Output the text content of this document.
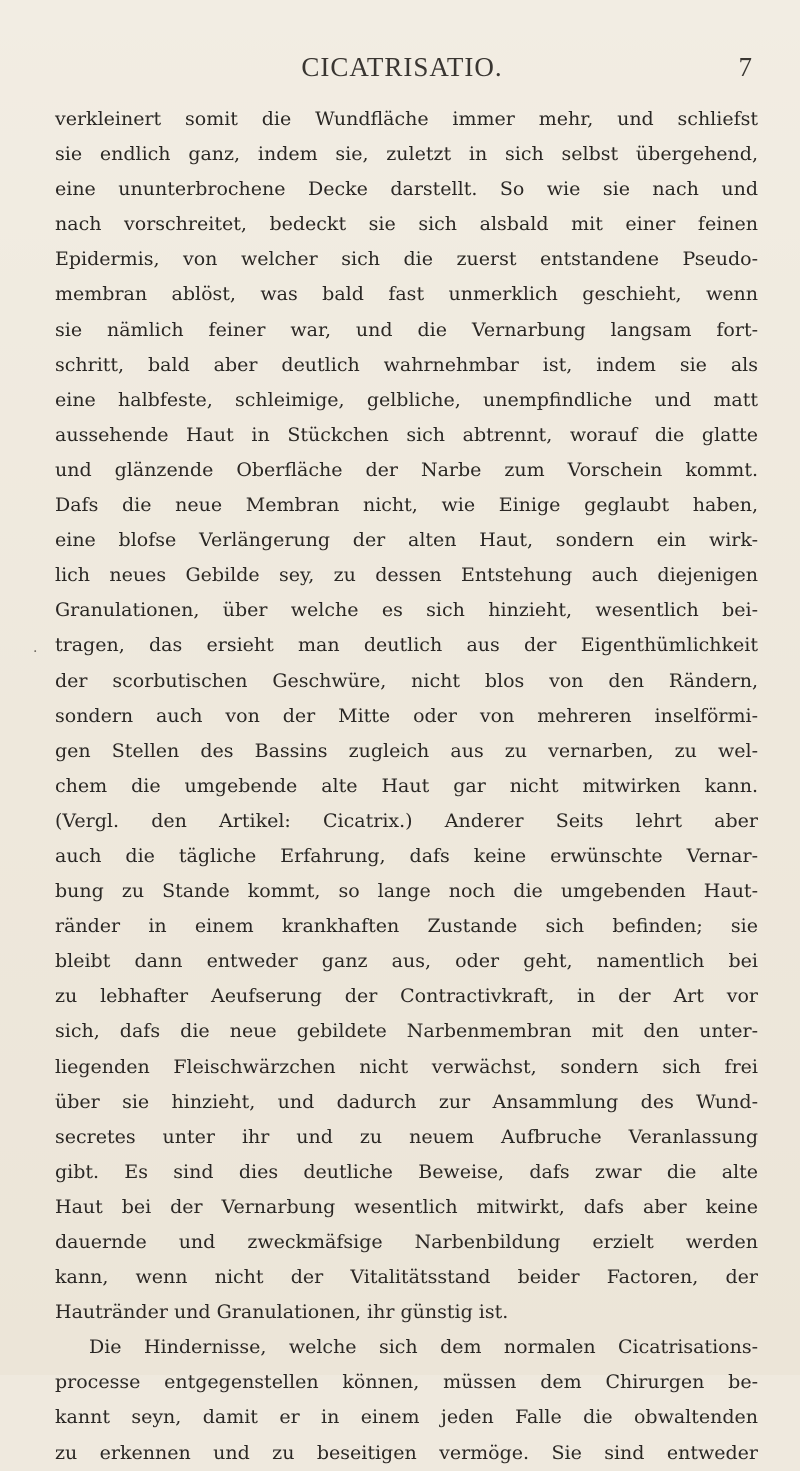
CICATRISATIO.	7
·
verkleinert somit die Wundfläche immer mehr, und schliefst
sie endlich ganz, indem sie, zuletzt in sich selbst übergehend,
eine ununterbrochene Decke darstellt. So wie sie nach und
nach vorschreitet, bedeckt sie sich alsbald mit einer feinen
Epidermis, von welcher sich die zuerst entstandene Pseudo-
membran ablöst, was bald fast unmerklich geschieht, wenn
sie nämlich feiner war, und die Vernarbung langsam fort-
schritt, bald aber deutlich wahrnehmbar ist, indem sie als
eine halbfeste, schleimige, gelbliche, unempfindliche und matt
aussehende Haut in Stückchen sich abtrennt, worauf die glatte
und glänzende Oberfläche der Narbe zum Vorschein kommt.
Dafs die neue Membran nicht, wie Einige geglaubt haben,
eine blofse Verlängerung der alten Haut, sondern ein wirk-
lich neues Gebilde sey, zu dessen Entstehung auch diejenigen
Granulationen, über welche es sich hinzieht, wesentlich bei-
tragen, das ersieht man deutlich aus der Eigenthümlichkeit
der scorbutischen Geschwüre, nicht blos von den Rändern,
sondern auch von der Mitte oder von mehreren inselförmi-
gen Stellen des Bassins zugleich aus zu vernarben, zu wel-
chem die umgebende alte Haut gar nicht mitwirken kann.
(Vergl. den Artikel: Cicatrix.) Anderer Seits lehrt aber
auch die tägliche Erfahrung, dafs keine erwünschte Vernar-
bung zu Stande kommt, so lange noch die umgebenden Haut-
ränder in einem krankhaften Zustande sich befinden; sie
bleibt dann entweder ganz aus, oder geht, namentlich bei
zu lebhafter Aeufserung der Contractivkraft, in der Art vor
sich, dafs die neue gebildete Narbenmembran mit den unter-
liegenden Fleischwärzchen nicht verwächst, sondern sich frei
über sie hinzieht, und dadurch zur Ansammlung des Wund-
secretes unter ihr und zu neuem Aufbruche Veranlassung
gibt. Es sind dies deutliche Beweise, dafs zwar die alte
Haut bei der Vernarbung wesentlich mitwirkt, dafs aber keine
dauernde und zweckmäfsige Narbenbildung erzielt werden
kann, wenn nicht der Vitalitätsstand beider Factoren, der
Hautränder und Granulationen, ihr günstig ist.
Die Hindernisse, welche sich dem normalen Cicatrisations-
processe entgegenstellen können, müssen dem Chirurgen be-
kannt seyn, damit er in einem jeden Falle die obwaltenden
zu erkennen und zu beseitigen vermöge. Sie sind entweder
